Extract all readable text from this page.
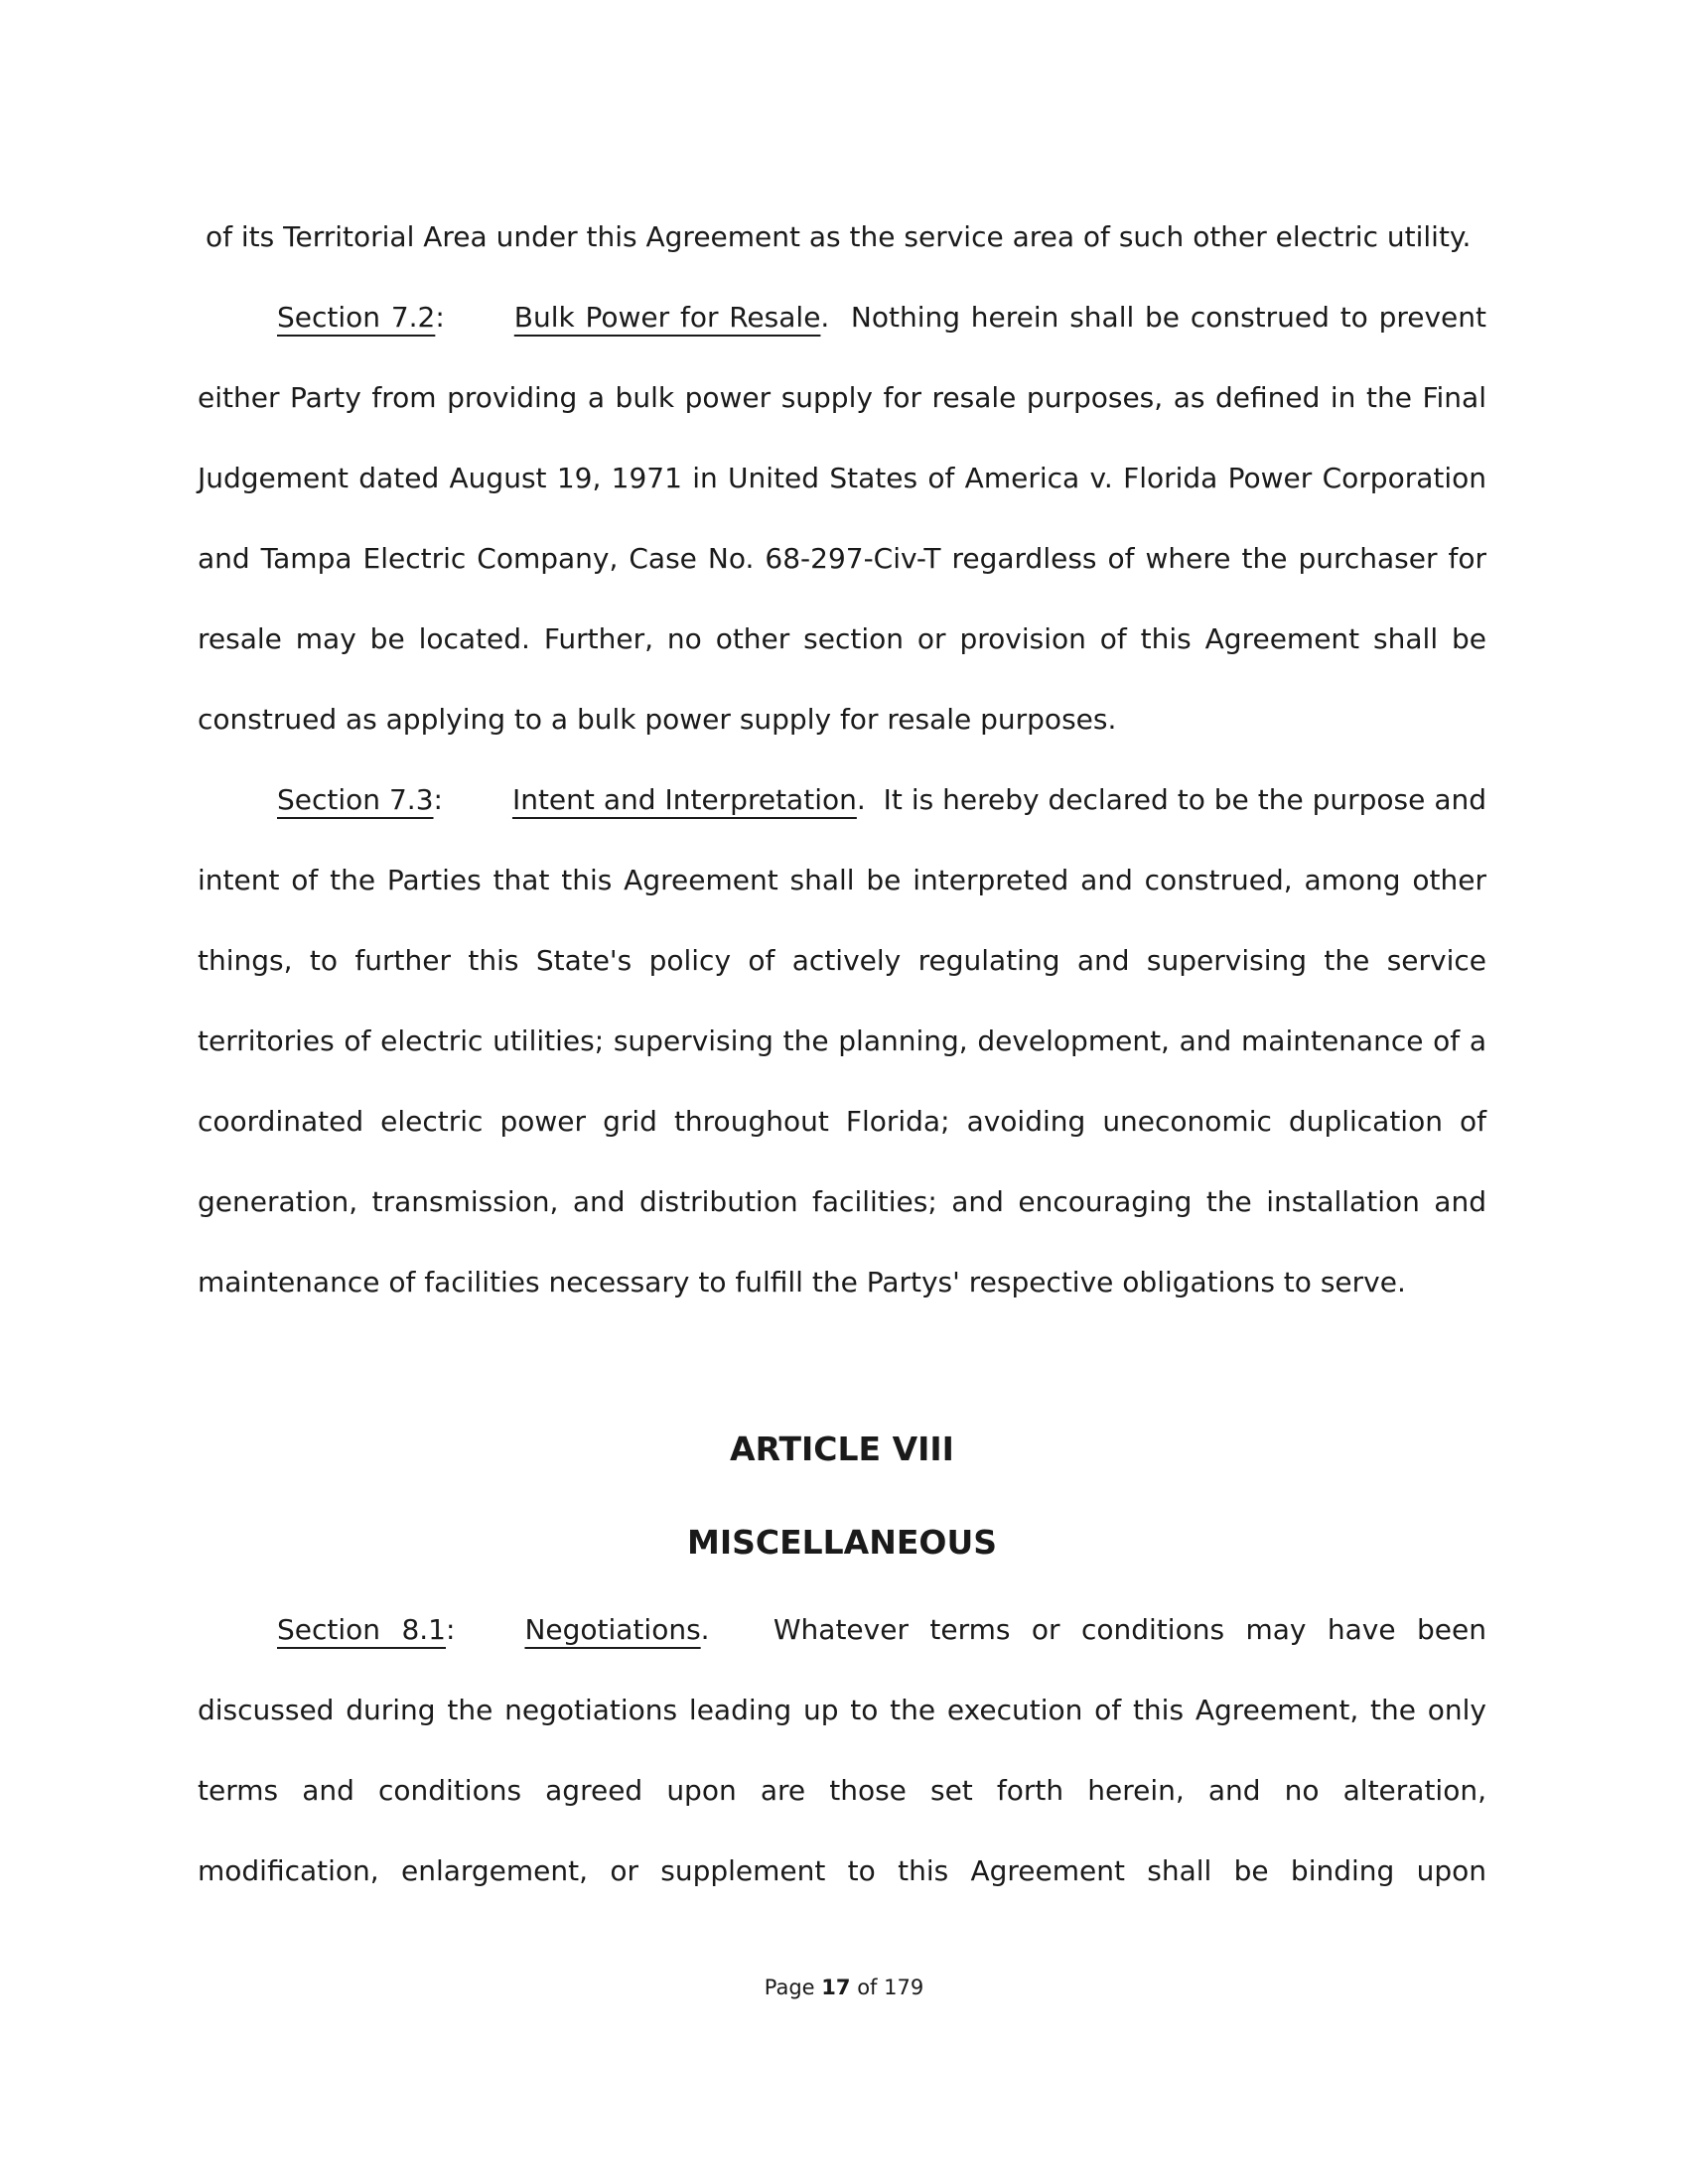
of its Territorial Area under this Agreement as the service area of such other electric utility.

Section 7.2:	Bulk Power for Resale.  Nothing herein shall be construed to prevent either Party from providing a bulk power supply for resale purposes, as defined in the Final Judgement dated August 19, 1971 in United States of America v. Florida Power Corporation and Tampa Electric Company, Case No. 68-297-Civ-T regardless of where the purchaser for resale may be located. Further, no other section or provision of this Agreement shall be construed as applying to a bulk power supply for resale purposes.

Section 7.3:	Intent and Interpretation.  It is hereby declared to be the purpose and intent of the Parties that this Agreement shall be interpreted and construed, among other things, to further this State's policy of actively regulating and supervising the service territories of electric utilities; supervising the planning, development, and maintenance of a coordinated electric power grid throughout Florida; avoiding uneconomic duplication of generation, transmission, and distribution facilities; and encouraging the installation and maintenance of facilities necessary to fulfill the Partys' respective obligations to serve.

ARTICLE VIII
MISCELLANEOUS

Section 8.1:	Negotiations.   Whatever terms or conditions may have been discussed during the negotiations leading up to the execution of this Agreement, the only terms and conditions agreed upon are those set forth herein, and no alteration, modification, enlargement, or supplement to this Agreement shall be binding upon

Page 17 of 179
